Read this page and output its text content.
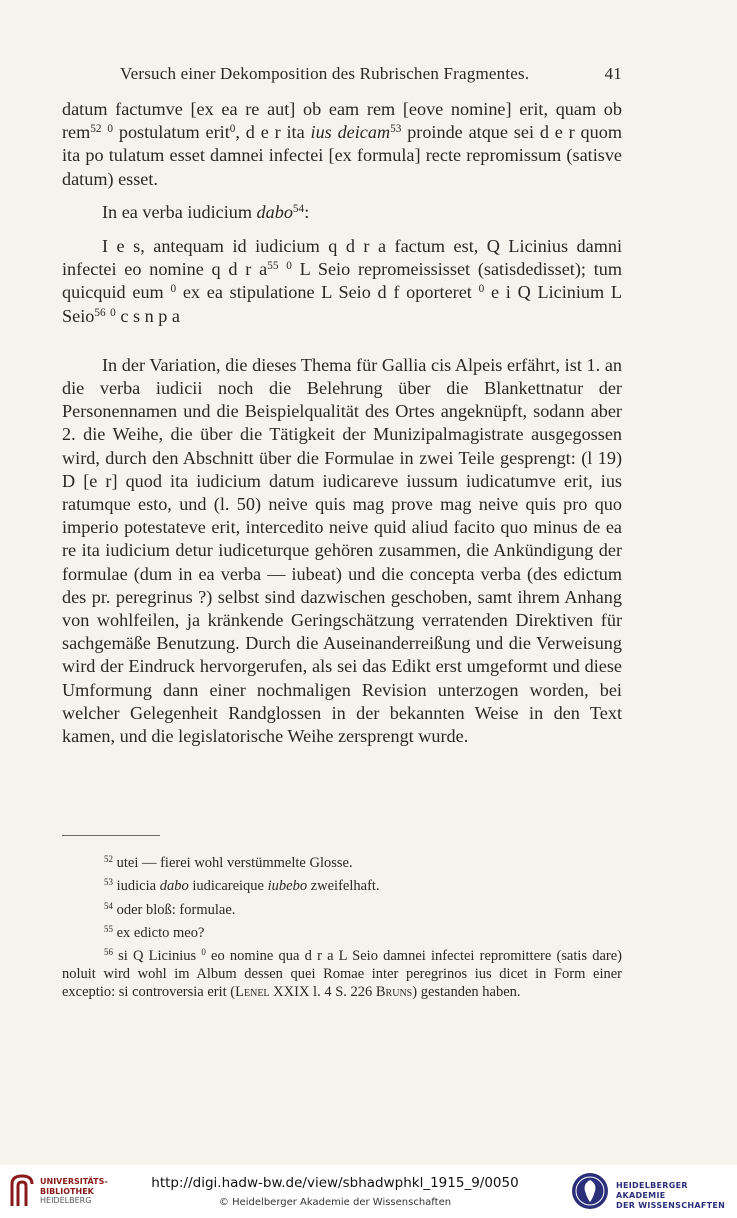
Versuch einer Dekomposition des Rubrischen Fragmentes.	41

datum factumve [ex ea re aut] ob eam rem [eove nomine] erit, quam ob rem$^{52}$ $^0$ postulatum erit$^0$, d e r ita ius deicam$^{53}$ proinde atque sei d e r quom ita po tulatum esset damnei infectei [ex formula] recte repromissum (satisve datum) esset.

In ea verba iudicium dabo$^{54}$:

I e s, antequam id iudicium q d r a factum est, Q Licinius damni infectei eo nomine q d r $a^{55}$ $^0$ L Seio repromeississet (satisdedisset); tum quicquid eum $^0$ ex ea stipulatione L Seio d f oporteret $^0$ e i Q Licinium L Seio$^{56}$ $^0$ c s n p a

In der Variation, die dieses Thema für Gallia cis Alpeis erfährt, ist 1. an die verba iudicii noch die Belehrung über die Blankettnatur der Personennamen und die Beispielqualität des Ortes angeknüpft, sodann aber 2. die Weihe, die über die Tätigkeit der Munizipalmagistrate ausgegossen wird, durch den Abschnitt über die Formulae in zwei Teile gesprengt: (l 19) D [e r] quod ita iudicium datum iudicareve iussum iudicatumve erit, ius ratumque esto, und (l. 50) neive quis mag prove mag neive quis pro quo imperio potestateve erit, intercedito neive quid aliud facito quo minus de ea re ita iudicium detur iudiceturque gehören zusammen, die Ankündigung der formulae (dum in ea verba — iubeat) und die concepta verba (des edictum des pr. peregrinus ?) selbst sind dazwischen geschoben, samt ihrem Anhang von wohlfeilen, ja kränkende Geringschätzung verratenden Direktiven für sachgemäße Benutzung. Durch die Auseinanderreißung und die Verweisung wird der Eindruck hervorgerufen, als sei das Edikt erst umgeformt und diese Umformung dann einer nochmaligen Revision unterzogen worden, bei welcher Gelegenheit Randglossen in der bekannten Weise in den Text kamen, und die legislatorische Weihe zersprengt wurde.

$^{52}$ utei — fierei wohl verstümmelte Glosse.

$^{53}$ iudicia dabo iudicareique iubebo zweifelhaft.

$^{54}$ oder bloß: formulae.

$^{55}$ ex edicto meo?

$^{56}$ si Q Licinius $^0$ eo nomine qua d r a L Seio damnei infectei repromittere (satis dare) noluit wird wohl im Album dessen quei Romae inter peregrinos ius dicet in Form einer exceptio: si controversia erit (Lenel XXIX l. 4 S. 226 Bruns) gestanden haben.

UNIVERSITÄTS-
BIBLIOTHEK
HEIDELBERG
http://digi.hadw-bw.de/view/sbhadwphkl_1915_9/0050
© Heidelberger Akademie der Wissenschaften
HEIDELBERGER AKADEMIE
DER WISSENSCHAFTEN
